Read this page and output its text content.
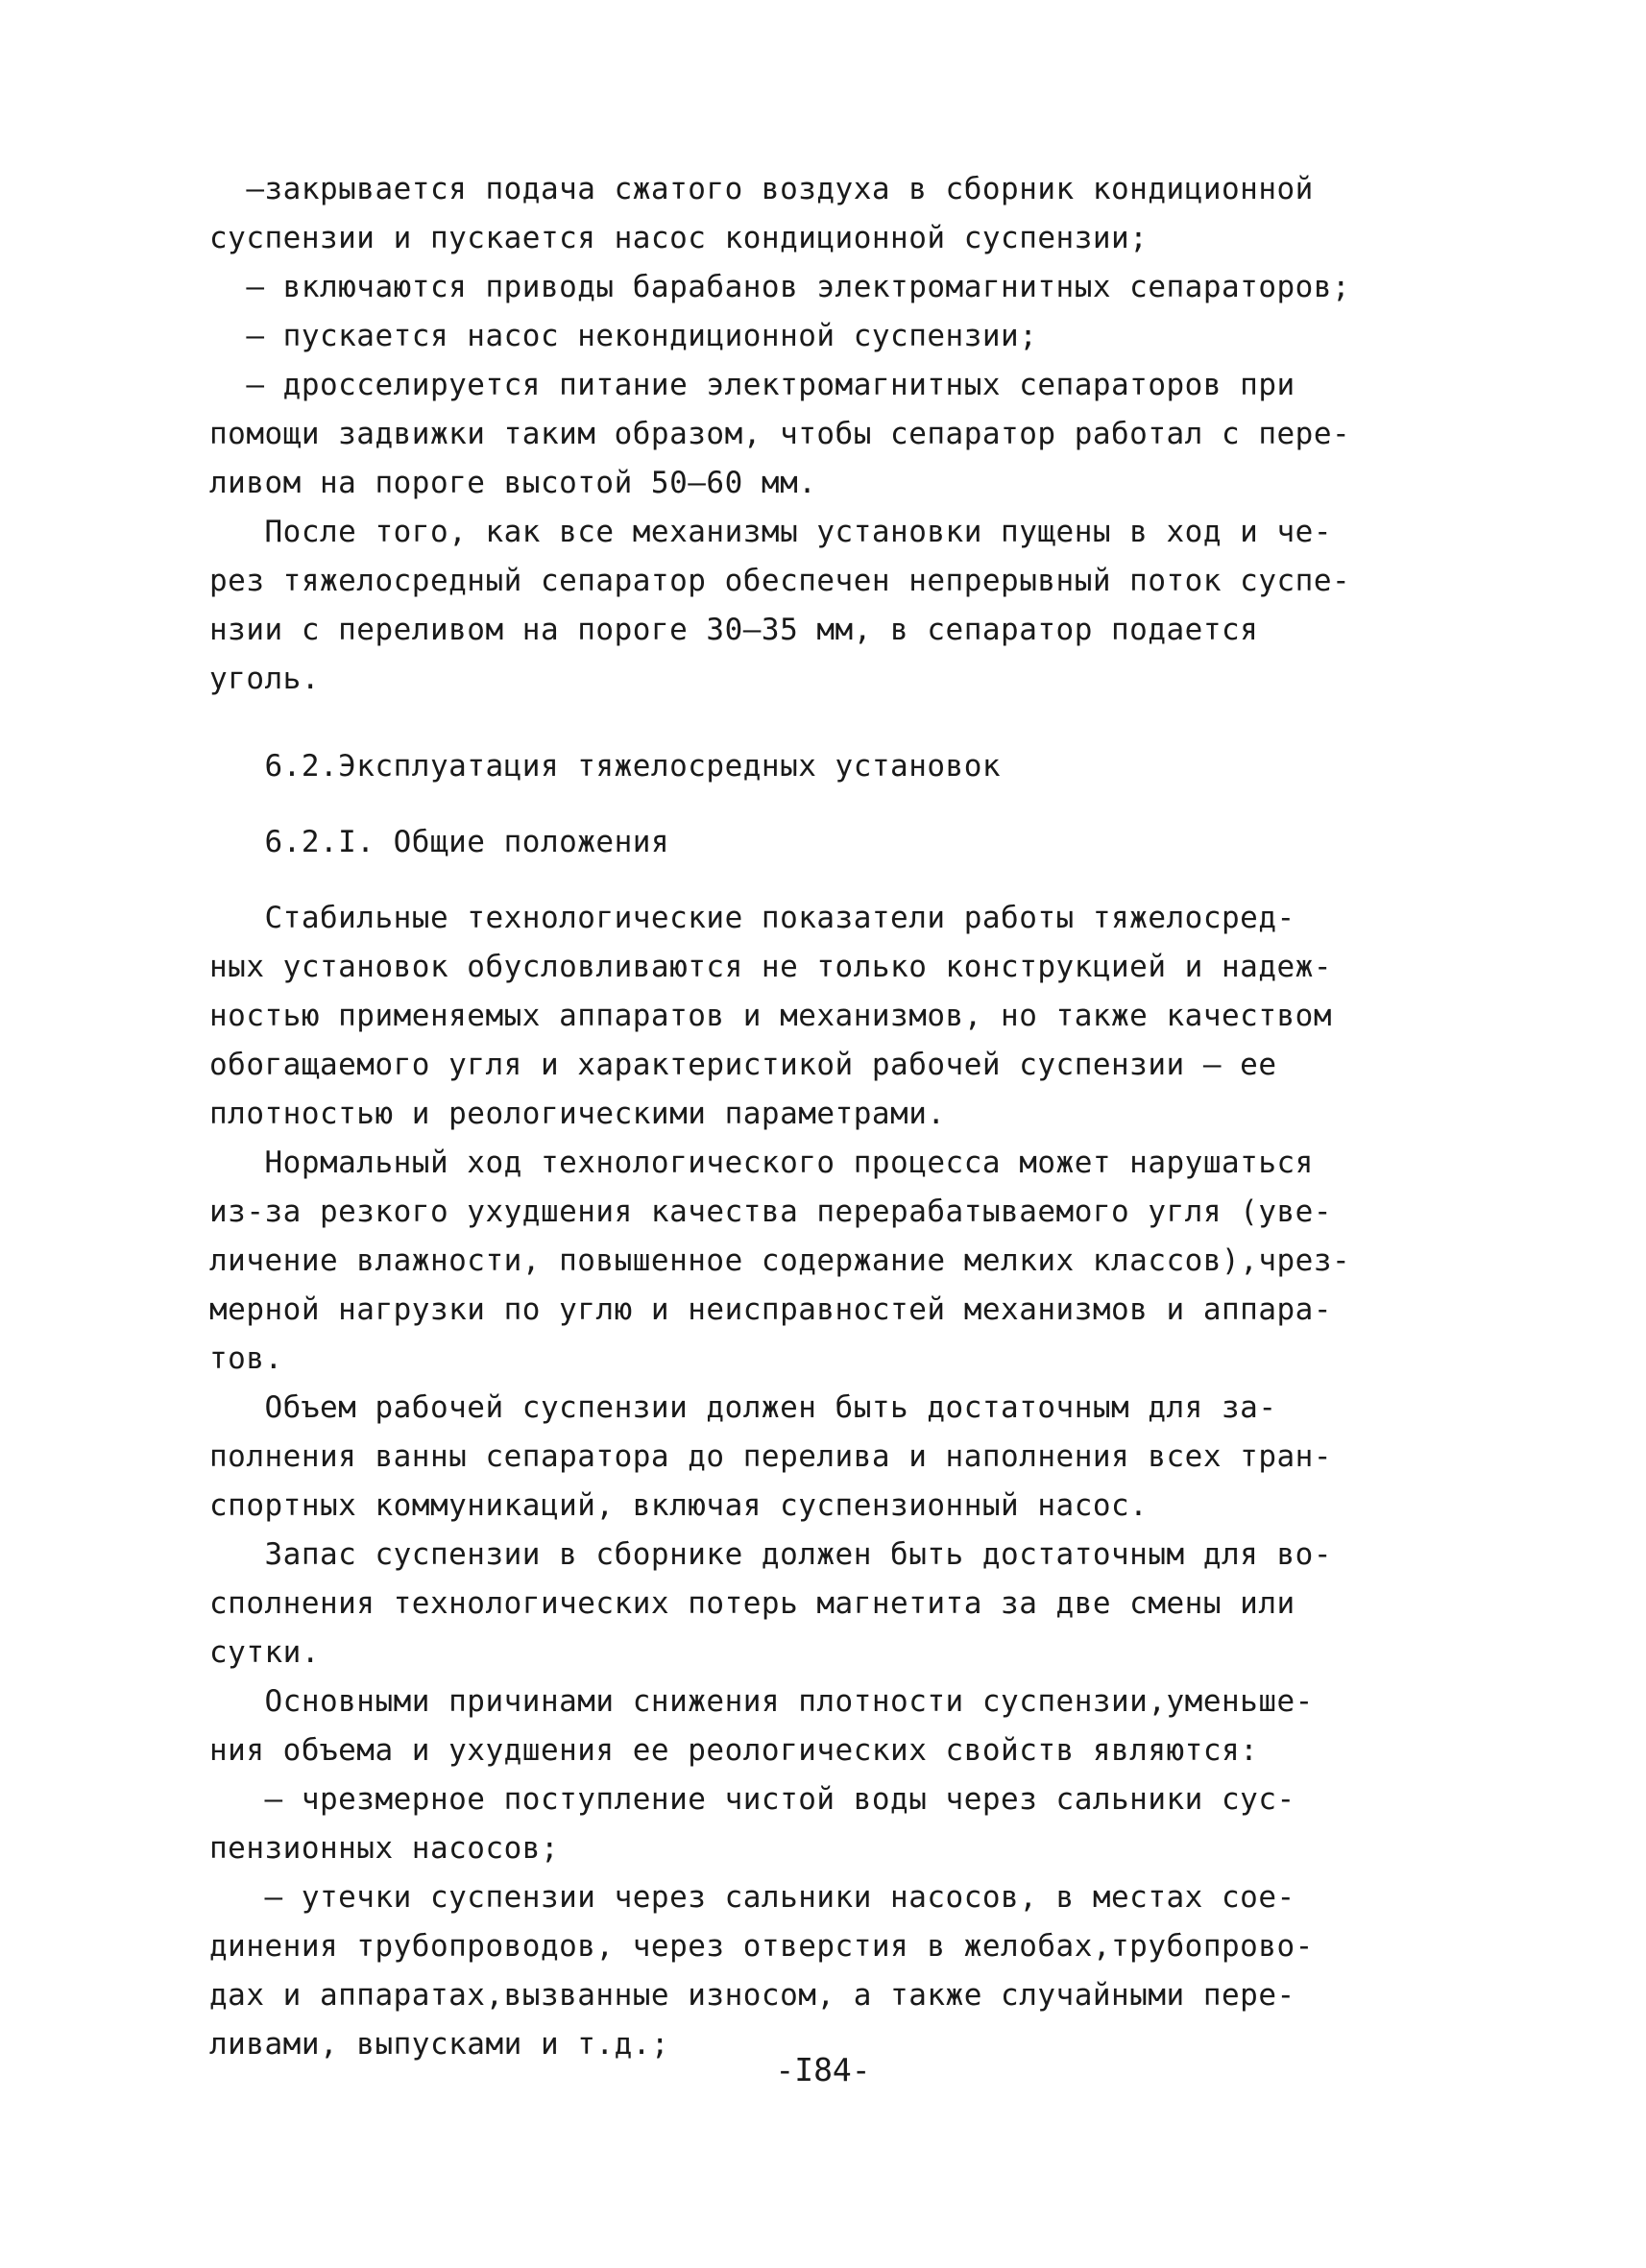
–закрывается подача сжатого воздуха в сборник кондиционной
суспензии и пускается насос кондиционной суспензии;
– включаются приводы барабанов электромагнитных сепараторов;
– пускается насос некондиционной суспензии;
– дросселируется питание электромагнитных сепараторов при
помощи задвижки таким образом, чтобы сепаратор работал с пере-
ливом на пороге высотой 50–60 мм.
После того, как все механизмы установки пущены в ход и че-
рез тяжелосредный сепаратор обеспечен непрерывный поток суспе-
нзии с переливом на пороге 30–35 мм, в сепаратор подается
уголь.
6.2.Эксплуатация тяжелосредных установок
6.2.I. Общие положения
Стабильные технологические показатели работы тяжелосред-
ных установок обусловливаются не только конструкцией и надеж-
ностью применяемых аппаратов и механизмов, но также качеством
обогащаемого угля и характеристикой рабочей суспензии – ее
плотностью и реологическими параметрами.
Нормальный ход технологического процесса может нарушаться
из-за резкого ухудшения качества перерабатываемого угля (уве-
личение влажности, повышенное содержание мелких классов),чрез-
мерной нагрузки по углю и неисправностей механизмов и аппара-
тов.
Объем рабочей суспензии должен быть достаточным для за-
полнения ванны сепаратора до перелива и наполнения всех тран-
спортных коммуникаций, включая суспензионный насос.
Запас суспензии в сборнике должен быть достаточным для во-
сполнения технологических потерь магнетита за две смены или
сутки.
Основными причинами снижения плотности суспензии,уменьше-
ния объема и ухудшения ее реологических свойств являются:
– чрезмерное поступление чистой воды через сальники сус-
пензионных насосов;
– утечки суспензии через сальники насосов, в местах сое-
динения трубопроводов, через отверстия в желобах,трубопрово-
дах и аппаратах,вызванные износом, а также случайными пере-
ливами, выпусками и т.д.;
-I84-
